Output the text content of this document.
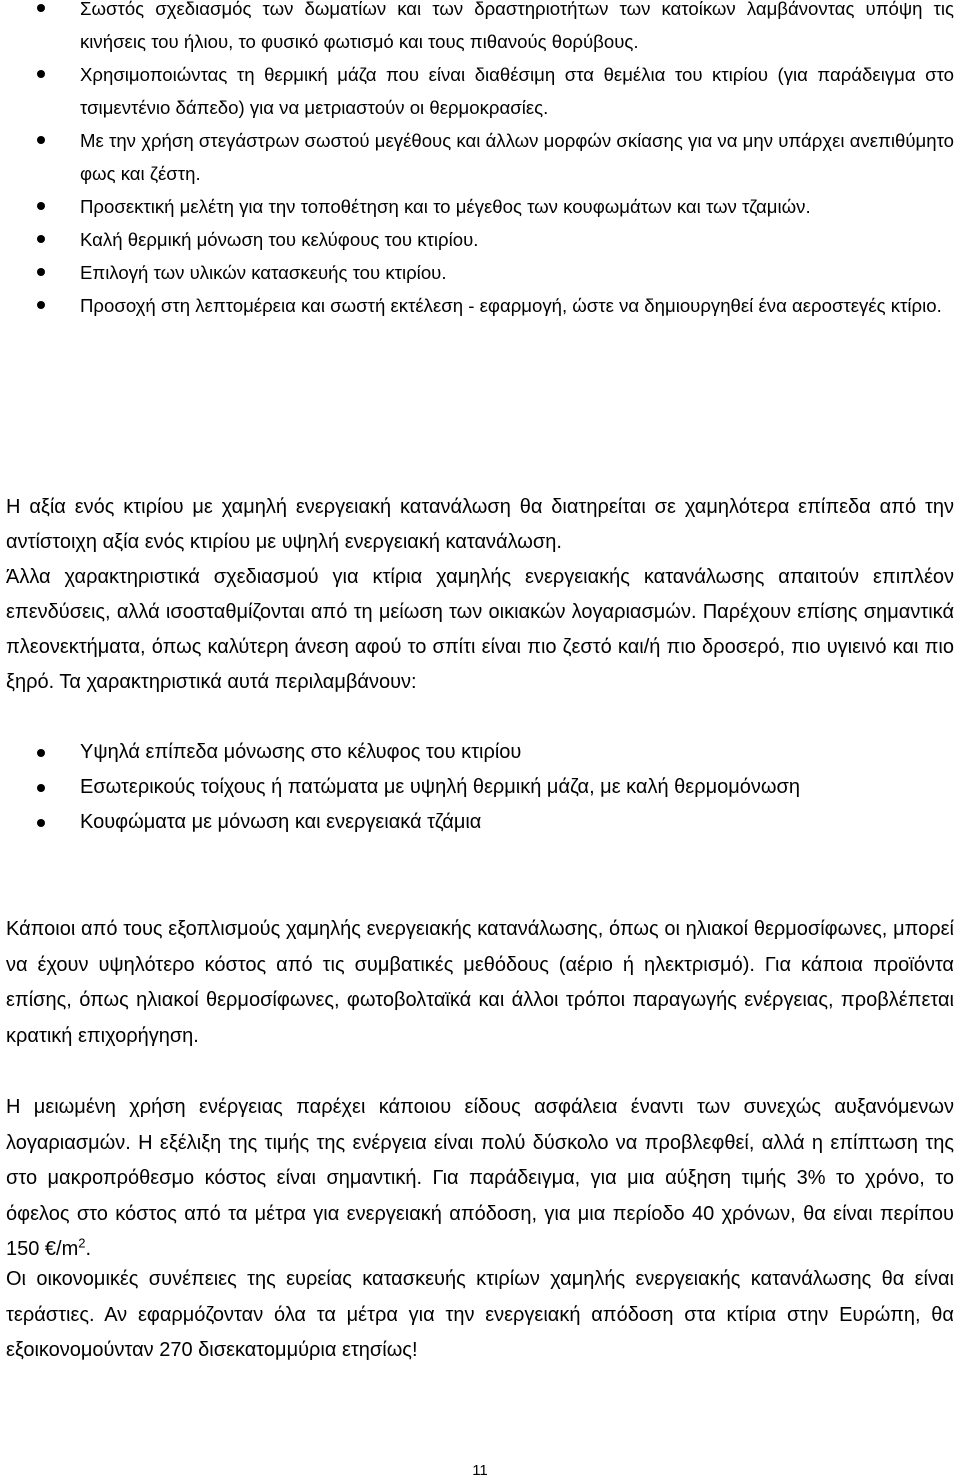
Σωστός σχεδιασμός των δωματίων και των δραστηριοτήτων των κατοίκων λαμβάνοντας υπόψη τις κινήσεις του ήλιου, το φυσικό φωτισμό και τους πιθανούς θορύβους.
Χρησιμοποιώντας τη θερμική μάζα που είναι διαθέσιμη στα θεμέλια του κτιρίου (για παράδειγμα στο τσιμεντένιο δάπεδο) για να μετριαστούν οι θερμοκρασίες.
Με την χρήση στεγάστρων σωστού μεγέθους και άλλων μορφών σκίασης για να μην υπάρχει ανεπιθύμητο φως και ζέστη.
Προσεκτική μελέτη για την τοποθέτηση και το μέγεθος των κουφωμάτων και των τζαμιών.
Καλή θερμική μόνωση του κελύφους του κτιρίου.
Επιλογή των υλικών κατασκευής του κτιρίου.
Προσοχή στη λεπτομέρεια και σωστή εκτέλεση - εφαρμογή, ώστε να δημιουργηθεί ένα αεροστεγές κτίριο.

Η αξία ενός κτιρίου με χαμηλή ενεργειακή κατανάλωση θα διατηρείται σε χαμηλότερα επίπεδα από την αντίστοιχη αξία ενός κτιρίου με υψηλή ενεργειακή κατανάλωση.

Άλλα χαρακτηριστικά σχεδιασμού για κτίρια χαμηλής ενεργειακής κατανάλωσης απαιτούν επιπλέον επενδύσεις, αλλά ισοσταθμίζονται από τη μείωση των οικιακών λογαριασμών. Παρέχουν επίσης σημαντικά πλεονεκτήματα, όπως καλύτερη άνεση αφού το σπίτι είναι πιο ζεστό και/ή πιο δροσερό, πιο υγιεινό και πιο ξηρό. Τα χαρακτηριστικά αυτά περιλαμβάνουν:

Υψηλά επίπεδα μόνωσης στο κέλυφος του κτιρίου
Εσωτερικούς τοίχους ή πατώματα με υψηλή θερμική μάζα, με καλή θερμομόνωση
Κουφώματα με μόνωση και ενεργειακά τζάμια

Κάποιοι από τους εξοπλισμούς χαμηλής ενεργειακής κατανάλωσης, όπως οι ηλιακοί θερμοσίφωνες, μπορεί να έχουν υψηλότερο κόστος από τις συμβατικές μεθόδους (αέριο ή ηλεκτρισμό). Για κάποια προϊόντα επίσης, όπως ηλιακοί θερμοσίφωνες, φωτοβολταϊκά και άλλοι τρόποι παραγωγής ενέργειας, προβλέπεται κρατική επιχορήγηση.

Η μειωμένη χρήση ενέργειας παρέχει κάποιου είδους ασφάλεια έναντι των συνεχώς αυξανόμενων λογαριασμών. Η εξέλιξη της τιμής της ενέργεια είναι πολύ δύσκολο να προβλεφθεί, αλλά η επίπτωση της στο μακροπρόθεσμο κόστος είναι σημαντική. Για παράδειγμα, για μια αύξηση τιμής 3% το χρόνο, το όφελος στο κόστος από τα μέτρα για ενεργειακή απόδοση, για μια περίοδο 40 χρόνων, θα είναι περίπου 150 $€/m^2$.

Οι οικονομικές συνέπειες της ευρείας κατασκευής κτιρίων χαμηλής ενεργειακής κατανάλωσης θα είναι τεράστιες. Αν εφαρμόζονταν όλα τα μέτρα για την ενεργειακή απόδοση στα κτίρια στην Ευρώπη, θα εξοικονομούνταν 270 δισεκατομμύρια ετησίως!

11
